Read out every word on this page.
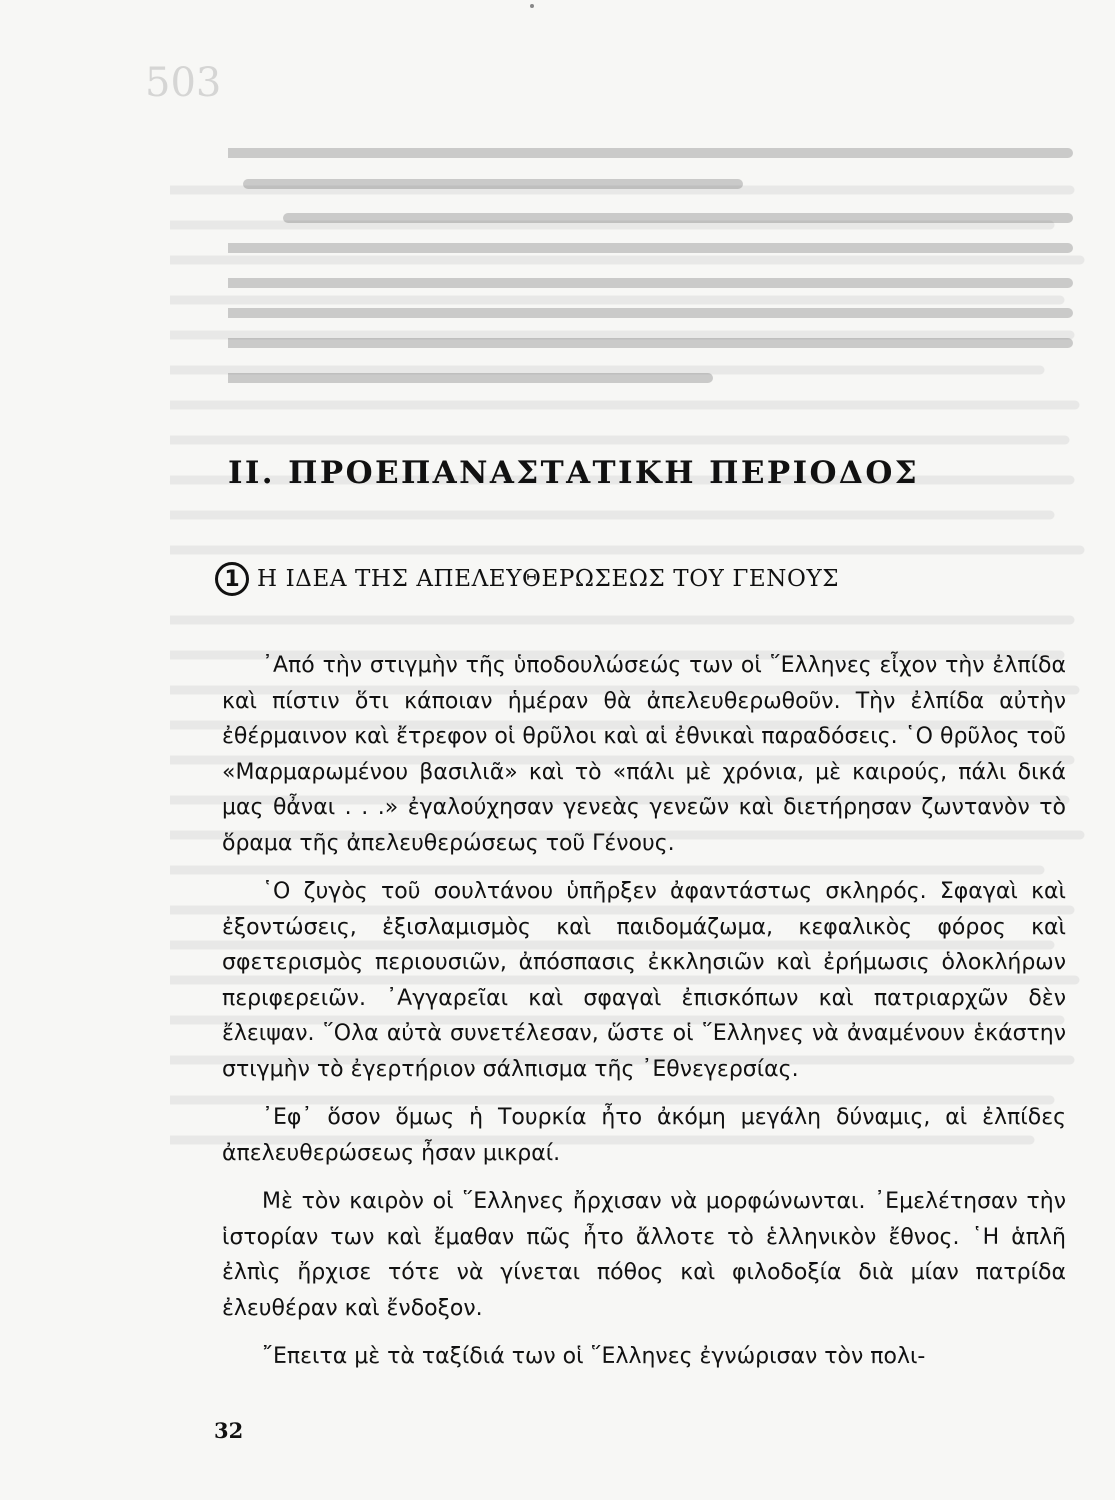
503
II. ΠΡΟΕΠΑΝΑΣΤΑΤΙΚΗ ΠΕΡΙΟΔΟΣ
1 Η ΙΔΕΑ ΤΗΣ ΑΠΕΛΕΥΘΕΡΩΣΕΩΣ ΤΟΥ ΓΕΝΟΥΣ

᾿Από τὴν στιγμὴν τῆς ὑποδουλώσεώς των οἱ ῞Ελληνες εἶχον τὴν ἐλπίδα καὶ πίστιν ὅτι κάποιαν ἡμέραν θὰ ἀπελευθερωθοῦν. Τὴν ἐλπίδα αὐτὴν ἐθέρμαινον καὶ ἔτρεφον οἱ θρῦλοι καὶ αἱ ἐθνικαὶ παραδόσεις. ῾Ο θρῦλος τοῦ «Μαρμαρωμένου βασιλιᾶ» καὶ τὸ «πάλι μὲ χρόνια, μὲ καιρούς, πάλι δικά μας θἆναι . . .» ἐγαλούχησαν γενεὰς γενεῶν καὶ διετήρησαν ζωντανὸν τὸ ὅραμα τῆς ἀπελευθερώσεως τοῦ Γένους.

῾Ο ζυγὸς τοῦ σουλτάνου ὑπῆρξεν ἀφαντάστως σκληρός. Σφαγαὶ καὶ ἐξοντώσεις, ἐξισλαμισμὸς καὶ παιδομάζωμα, κεφαλικὸς φόρος καὶ σφετερισμὸς περιουσιῶν, ἀπόσπασις ἐκκλησιῶν καὶ ἐρήμωσις ὁλοκλήρων περιφερειῶν. ᾿Αγγαρεῖαι καὶ σφαγαὶ ἐπισκόπων καὶ πατριαρχῶν δὲν ἔλειψαν. ῞Ολα αὐτὰ συνετέλεσαν, ὥστε οἱ ῞Ελληνες νὰ ἀναμένουν ἑκάστην στιγμὴν τὸ ἐγερτήριον σάλπισμα τῆς ᾿Εθνεγερσίας.

᾿Εφ᾿ ὅσον ὅμως ἡ Τουρκία ἦτο ἀκόμη μεγάλη δύναμις, αἱ ἐλπίδες ἀπελευθερώσεως ἦσαν μικραί.

Μὲ τὸν καιρὸν οἱ ῞Ελληνες ἤρχισαν νὰ μορφώνωνται. ᾿Εμελέτησαν τὴν ἱστορίαν των καὶ ἔμαθαν πῶς ἦτο ἄλλοτε τὸ ἑλληνικὸν ἔθνος. ῾Η ἁπλῆ ἐλπὶς ἤρχισε τότε νὰ γίνεται πόθος καὶ φιλοδοξία διὰ μίαν πατρίδα ἐλευθέραν καὶ ἔνδοξον.

῎Επειτα μὲ τὰ ταξίδιά των οἱ ῞Ελληνες ἐγνώρισαν τὸν πολι-

32
